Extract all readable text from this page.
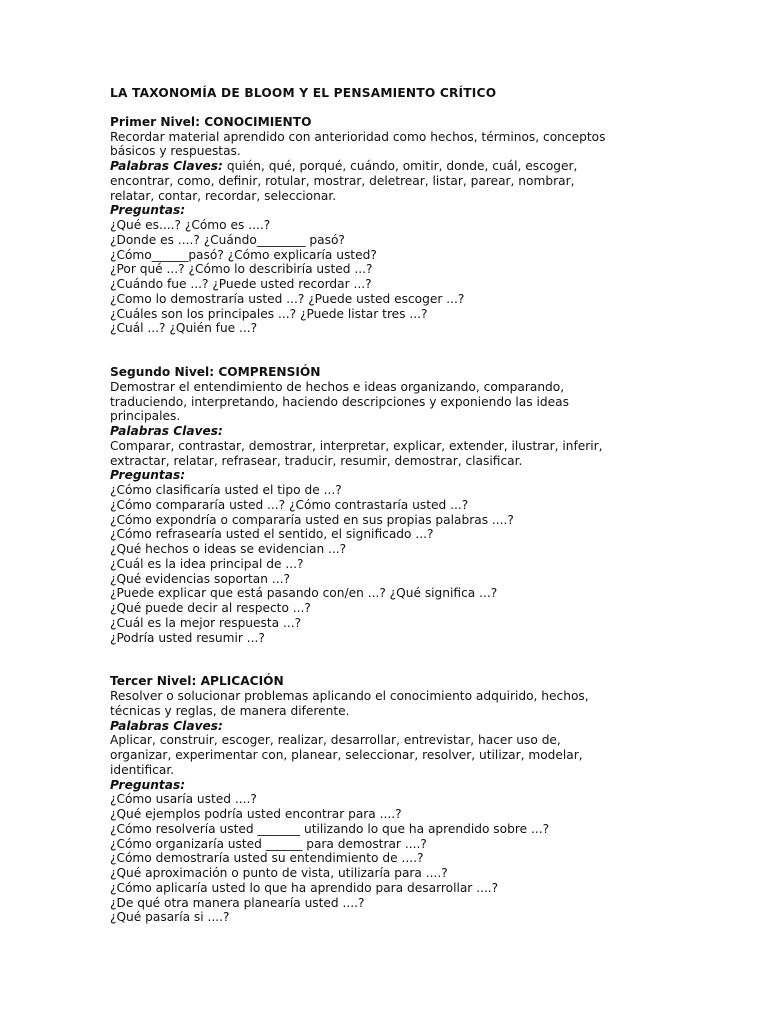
LA TAXONOMÍA DE BLOOM Y EL PENSAMIENTO CRÍTICO
Primer Nivel: CONOCIMIENTO
Recordar material aprendido con anterioridad como hechos, términos, conceptos
básicos y respuestas.
Palabras Claves: quién, qué, porqué, cuándo, omitir, donde, cuál, escoger,
encontrar, como, definir, rotular, mostrar, deletrear, listar, parear, nombrar,
relatar, contar, recordar, seleccionar.
Preguntas:
¿Qué es....? ¿Cómo es ....?
¿Donde es ....? ¿Cuándo________ pasó?
¿Cómo______pasó? ¿Cómo explicaría usted?
¿Por qué ...? ¿Cómo lo describiría usted ...?
¿Cuándo fue ...? ¿Puede usted recordar ...?
¿Como lo demostraría usted ...? ¿Puede usted escoger ...?
¿Cuáles son los principales ...? ¿Puede listar tres ...?
¿Cuál ...? ¿Quién fue ...?
Segundo Nivel: COMPRENSIÓN
Demostrar el entendimiento de hechos e ideas organizando, comparando,
traduciendo, interpretando, haciendo descripciones y exponiendo las ideas
principales.
Palabras Claves:
Comparar, contrastar, demostrar, interpretar, explicar, extender, ilustrar, inferir,
extractar, relatar, refrasear, traducir, resumir, demostrar, clasificar.
Preguntas:
¿Cómo clasificaría usted el tipo de ...?
¿Cómo compararía usted ...? ¿Cómo contrastaría usted ...?
¿Cómo expondría o compararía usted en sus propias palabras ....?
¿Cómo refrasearía usted el sentido, el significado ...?
¿Qué hechos o ideas se evidencian ...?
¿Cuál es la idea principal de ...?
¿Qué evidencias soportan ...?
¿Puede explicar que está pasando con/en ...? ¿Qué significa ...?
¿Qué puede decir al respecto ...?
¿Cuál es la mejor respuesta ...?
¿Podría usted resumir ...?
Tercer Nivel: APLICACIÓN
Resolver o solucionar problemas aplicando el conocimiento adquirido, hechos,
técnicas y reglas, de manera diferente.
Palabras Claves:
Aplicar, construir, escoger, realizar, desarrollar, entrevistar, hacer uso de,
organizar, experimentar con, planear, seleccionar, resolver, utilizar, modelar,
identificar.
Preguntas:
¿Cómo usaría usted ....?
¿Qué ejemplos podría usted encontrar para ....?
¿Cómo resolvería usted _______ utilizando lo que ha aprendido sobre ...?
¿Cómo organizaría usted ______ para demostrar ....?
¿Cómo demostraría usted su entendimiento de ....?
¿Qué aproximación o punto de vista, utilizaría para ....?
¿Cómo aplicaría usted lo que ha aprendido para desarrollar ....?
¿De qué otra manera planearía usted ....?
¿Qué pasaría si ....?
